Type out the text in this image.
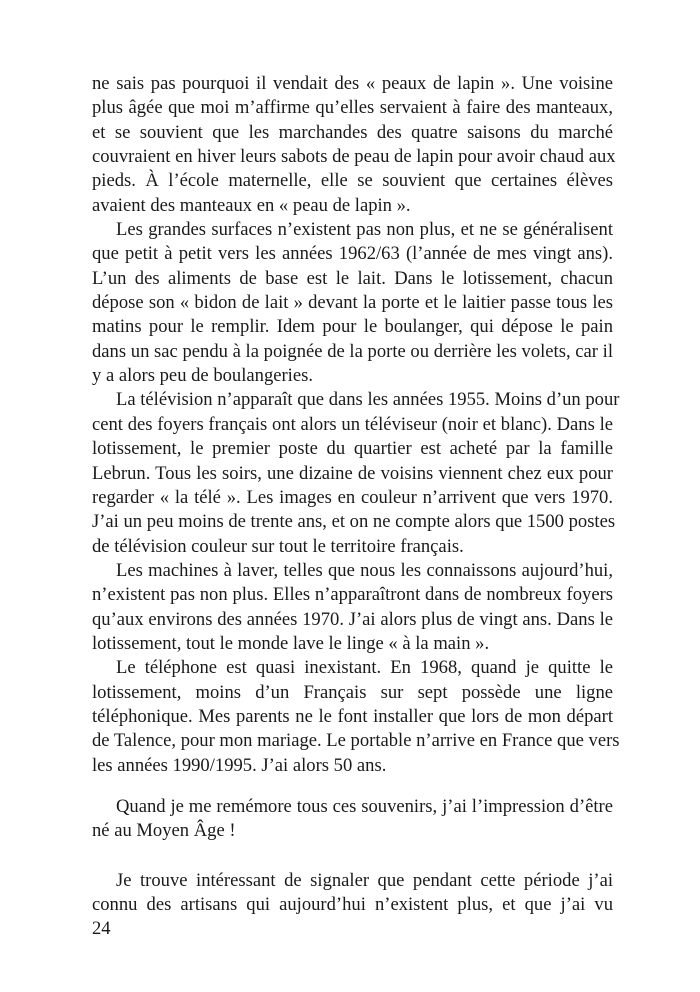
ne sais pas pourquoi il vendait des « peaux de lapin ». Une voisine
plus âgée que moi m’affirme qu’elles servaient à faire des manteaux,
et se souvient que les marchandes des quatre saisons du marché
couvraient en hiver leurs sabots de peau de lapin pour avoir chaud aux
pieds. À l’école maternelle, elle se souvient que certaines élèves
avaient des manteaux en « peau de lapin ».
Les grandes surfaces n’existent pas non plus, et ne se généralisent
que petit à petit vers les années 1962/63 (l’année de mes vingt ans).
L’un des aliments de base est le lait. Dans le lotissement, chacun
dépose son « bidon de lait » devant la porte et le laitier passe tous les
matins pour le remplir. Idem pour le boulanger, qui dépose le pain
dans un sac pendu à la poignée de la porte ou derrière les volets, car il
y a alors peu de boulangeries.
La télévision n’apparaît que dans les années 1955. Moins d’un pour
cent des foyers français ont alors un téléviseur (noir et blanc). Dans le
lotissement, le premier poste du quartier est acheté par la famille
Lebrun. Tous les soirs, une dizaine de voisins viennent chez eux pour
regarder « la télé ». Les images en couleur n’arrivent que vers 1970.
J’ai un peu moins de trente ans, et on ne compte alors que 1500 postes
de télévision couleur sur tout le territoire français.
Les machines à laver, telles que nous les connaissons aujourd’hui,
n’existent pas non plus. Elles n’apparaîtront dans de nombreux foyers
qu’aux environs des années 1970. J’ai alors plus de vingt ans. Dans le
lotissement, tout le monde lave le linge « à la main ».
Le téléphone est quasi inexistant. En 1968, quand je quitte le
lotissement, moins d’un Français sur sept possède une ligne
téléphonique. Mes parents ne le font installer que lors de mon départ
de Talence, pour mon mariage. Le portable n’arrive en France que vers
les années 1990/1995. J’ai alors 50 ans.
Quand je me remémore tous ces souvenirs, j’ai l’impression d’être
né au Moyen Âge !
Je trouve intéressant de signaler que pendant cette période j’ai
connu des artisans qui aujourd’hui n’existent plus, et que j’ai vu
24
